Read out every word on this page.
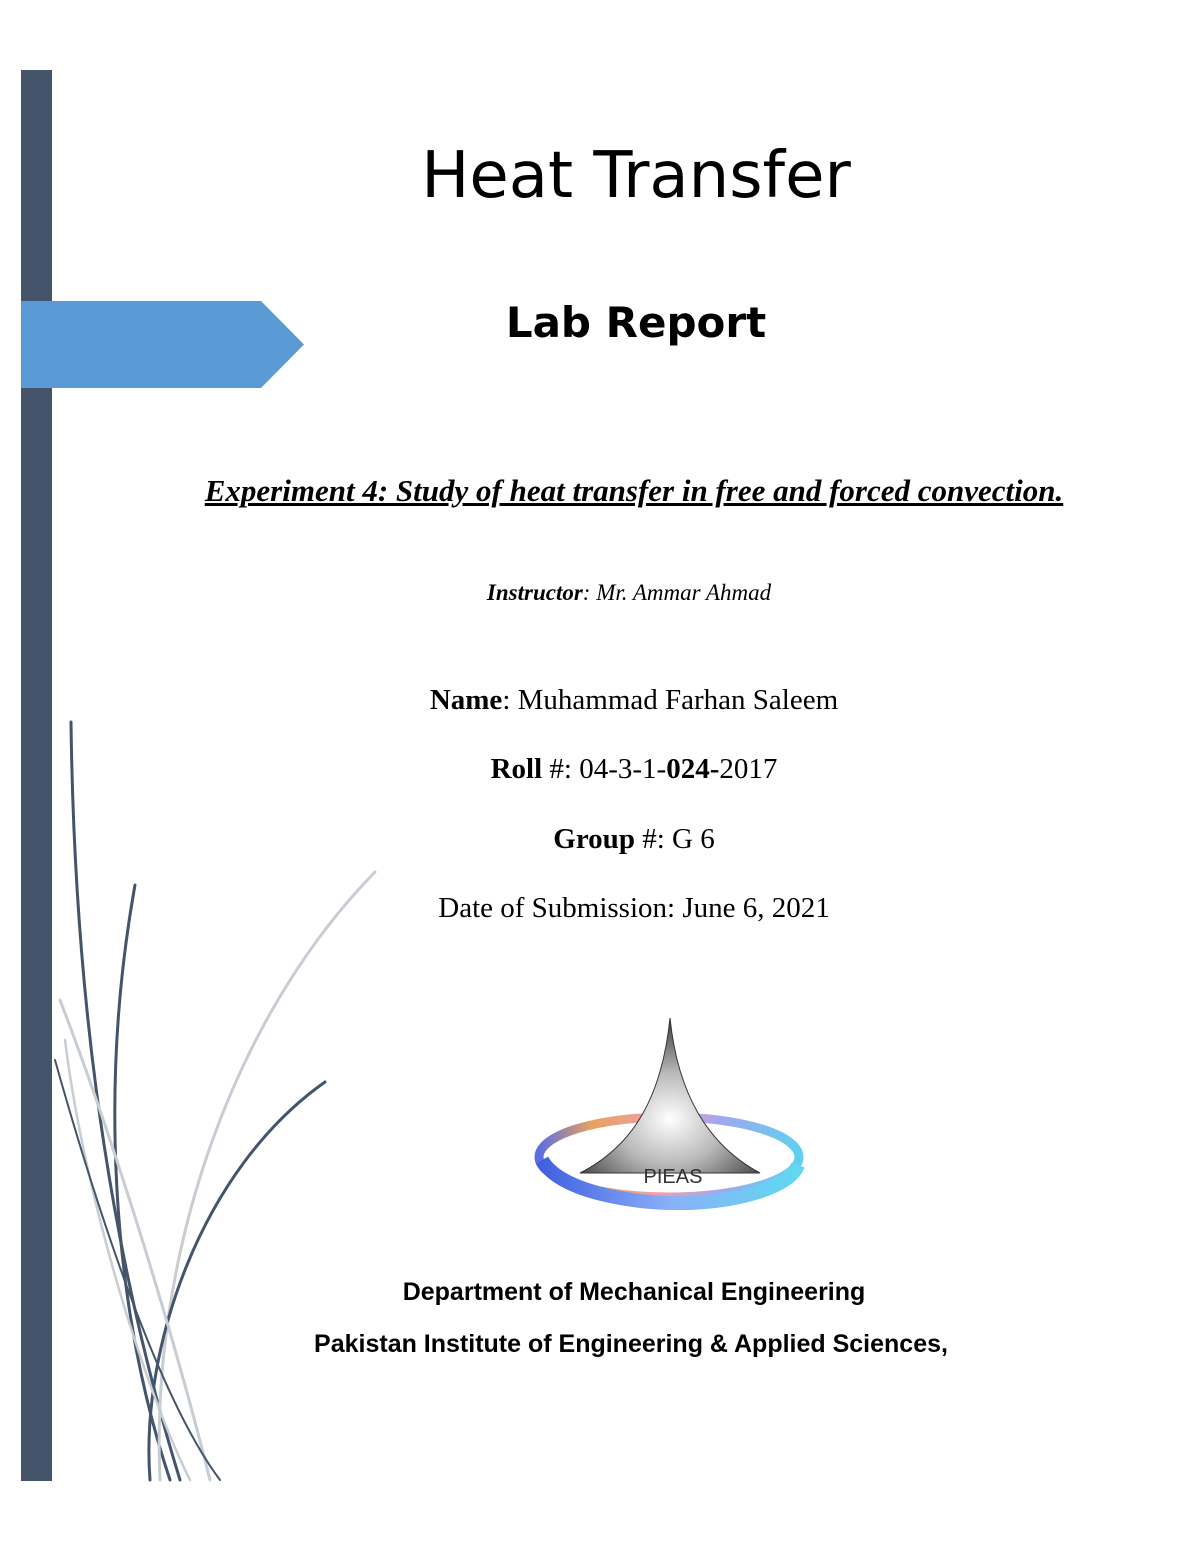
Heat Transfer
Lab Report

Experiment 4: Study of heat transfer in free and forced convection.

Instructor: Mr. Ammar Ahmad
Name: Muhammad Farhan Saleem
Roll #: 04-3-1-024-2017
Group #: G 6
Date of Submission: June 6, 2021
PIEAS
Department of Mechanical Engineering
Pakistan Institute of Engineering & Applied Sciences,
